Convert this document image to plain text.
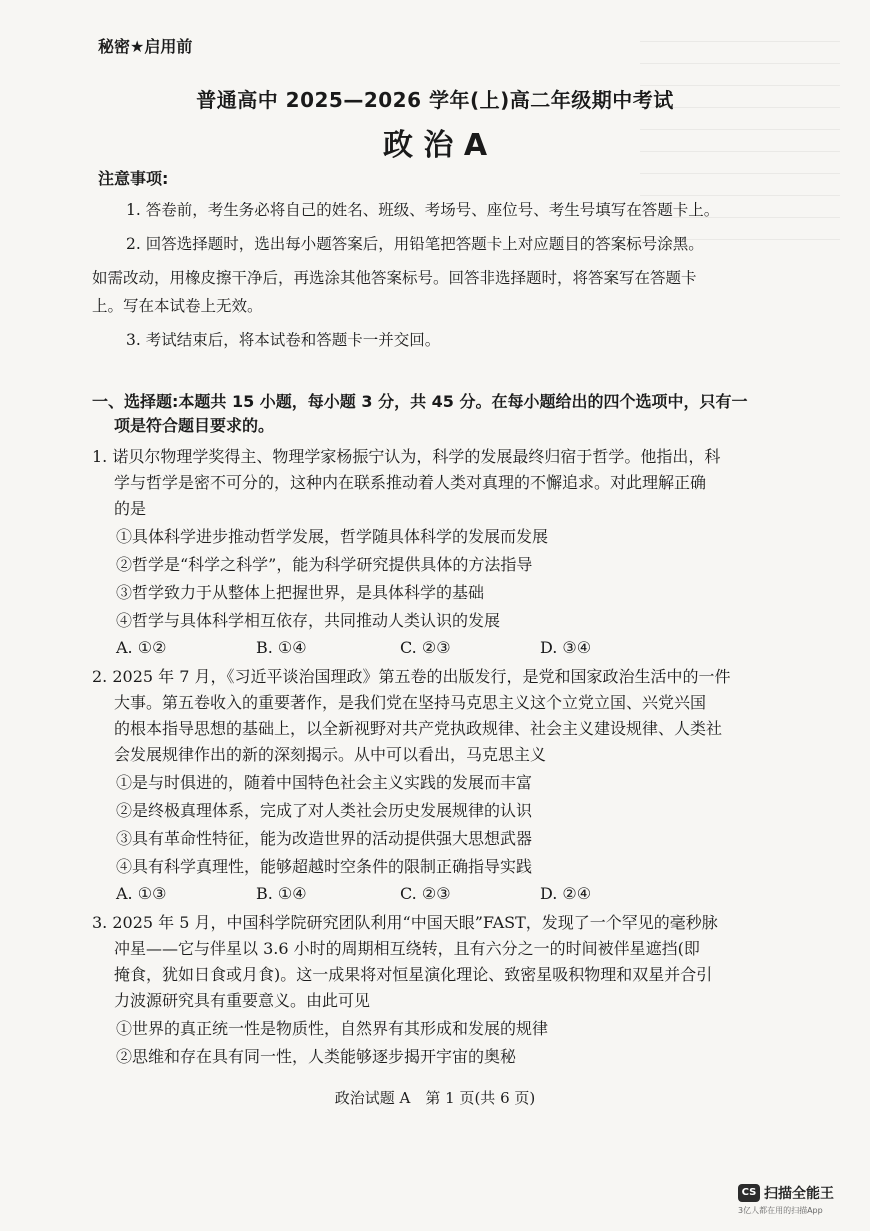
秘密★启用前
普通高中 2025—2026 学年(上)高二年级期中考试
政 治 A
注意事项:
1. 答卷前，考生务必将自己的姓名、班级、考场号、座位号、考生号填写在答题卡上。
2. 回答选择题时，选出每小题答案后，用铅笔把答题卡上对应题目的答案标号涂黑。
如需改动，用橡皮擦干净后，再选涂其他答案标号。回答非选择题时，将答案写在答题卡
上。写在本试卷上无效。
3. 考试结束后，将本试卷和答题卡一并交回。
一、选择题:本题共 15 小题，每小题 3 分，共 45 分。在每小题给出的四个选项中，只有一
项是符合题目要求的。
1. 诺贝尔物理学奖得主、物理学家杨振宁认为，科学的发展最终归宿于哲学。他指出，科
学与哲学是密不可分的，这种内在联系推动着人类对真理的不懈追求。对此理解正确
的是
①具体科学进步推动哲学发展，哲学随具体科学的发展而发展
②哲学是“科学之科学”，能为科学研究提供具体的方法指导
③哲学致力于从整体上把握世界，是具体科学的基础
④哲学与具体科学相互依存，共同推动人类认识的发展
A. ①②	B. ①④	C. ②③	D. ③④
2. 2025 年 7 月，《习近平谈治国理政》第五卷的出版发行，是党和国家政治生活中的一件
大事。第五卷收入的重要著作，是我们党在坚持马克思主义这个立党立国、兴党兴国
的根本指导思想的基础上，以全新视野对共产党执政规律、社会主义建设规律、人类社
会发展规律作出的新的深刻揭示。从中可以看出，马克思主义
①是与时俱进的，随着中国特色社会主义实践的发展而丰富
②是终极真理体系，完成了对人类社会历史发展规律的认识
③具有革命性特征，能为改造世界的活动提供强大思想武器
④具有科学真理性，能够超越时空条件的限制正确指导实践
A. ①③	B. ①④	C. ②③	D. ②④
3. 2025 年 5 月，中国科学院研究团队利用“中国天眼”FAST，发现了一个罕见的毫秒脉
冲星——它与伴星以 3.6 小时的周期相互绕转，且有六分之一的时间被伴星遮挡(即
掩食，犹如日食或月食)。这一成果将对恒星演化理论、致密星吸积物理和双星并合引
力波源研究具有重要意义。由此可见
①世界的真正统一性是物质性，自然界有其形成和发展的规律
②思维和存在具有同一性，人类能够逐步揭开宇宙的奥秘
政治试题 A　第 1 页(共 6 页)
CS 扫描全能王
3亿人都在用的扫描App
